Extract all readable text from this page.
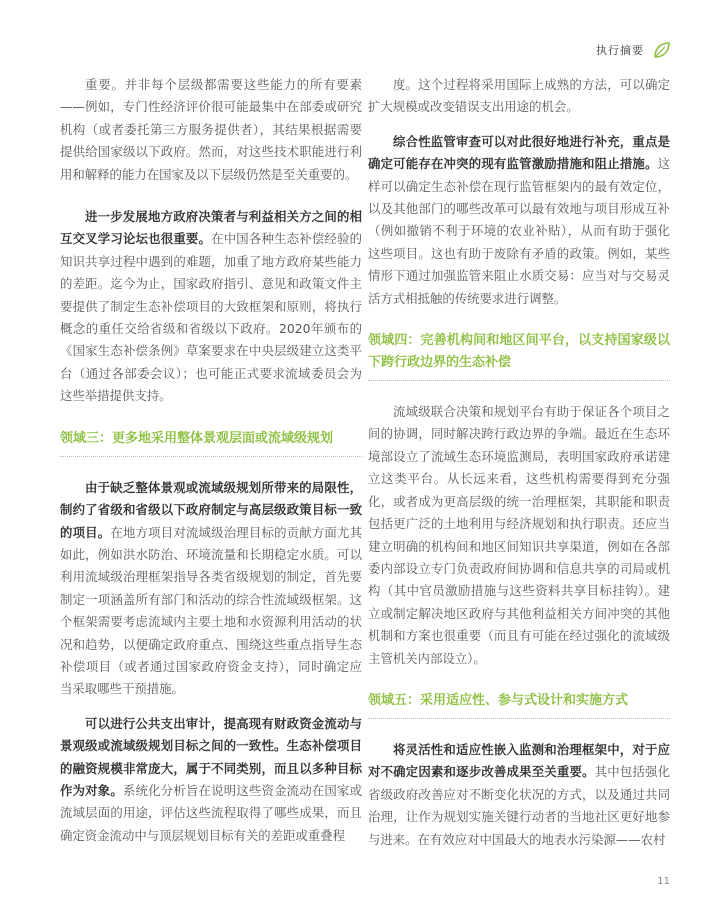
执行摘要

重要。并非每个层级都需要这些能力的所有要素——例如，专门性经济评价很可能最集中在部委或研究机构（或者委托第三方服务提供者），其结果根据需要提供给国家级以下政府。然而，对这些技术职能进行利用和解释的能力在国家及以下层级仍然是至关重要的。

进一步发展地方政府决策者与利益相关方之间的相互交叉学习论坛也很重要。在中国各种生态补偿经验的知识共享过程中遇到的难题，加重了地方政府某些能力的差距。迄今为止，国家政府指引、意见和政策文件主要提供了制定生态补偿项目的大致框架和原则，将执行概念的重任交给省级和省级以下政府。2020年颁布的《国家生态补偿条例》草案要求在中央层级建立这类平台（通过各部委会议）；也可能正式要求流域委员会为这些举措提供支持。

领域三：更多地采用整体景观层面或流域级规划

由于缺乏整体景观或流域级规划所带来的局限性，制约了省级和省级以下政府制定与高层级政策目标一致的项目。在地方项目对流域级治理目标的贡献方面尤其如此，例如洪水防治、环境流量和长期稳定水质。可以利用流域级治理框架指导各类省级规划的制定，首先要制定一项涵盖所有部门和活动的综合性流域级框架。这个框架需要考虑流域内主要土地和水资源利用活动的状况和趋势，以便确定政府重点、围绕这些重点指导生态补偿项目（或者通过国家政府资金支持），同时确定应当采取哪些干预措施。

可以进行公共支出审计，提高现有财政资金流动与景观级或流域级规划目标之间的一致性。生态补偿项目的融资规模非常庞大，属于不同类别，而且以多种目标作为对象。系统化分析旨在说明这些资金流动在国家或流域层面的用途，评估这些流程取得了哪些成果，而且确定资金流动中与顶层规划目标有关的差距或重叠程

度。这个过程将采用国际上成熟的方法，可以确定扩大规模或改变错误支出用途的机会。

综合性监管审查可以对此很好地进行补充，重点是确定可能存在冲突的现有监管激励措施和阻止措施。这样可以确定生态补偿在现行监管框架内的最有效定位，以及其他部门的哪些改革可以最有效地与项目形成互补（例如撤销不利于环境的农业补贴），从而有助于强化这些项目。这也有助于废除有矛盾的政策。例如，某些情形下通过加强监管来阻止水质交易：应当对与交易灵活方式相抵触的传统要求进行调整。

领域四：完善机构间和地区间平台，以支持国家级以下跨行政边界的生态补偿

流域级联合决策和规划平台有助于保证各个项目之间的协调，同时解决跨行政边界的争端。最近在生态环境部设立了流域生态环境监测局，表明国家政府承诺建立这类平台。从长远来看，这些机构需要得到充分强化，或者成为更高层级的统一治理框架，其职能和职责包括更广泛的土地利用与经济规划和执行职责。还应当建立明确的机构间和地区间知识共享渠道，例如在各部委内部设立专门负责政府间协调和信息共享的司局或机构（其中官员激励措施与这些资料共享目标挂钩）。建立或制定解决地区政府与其他利益相关方间冲突的其他机制和方案也很重要（而且有可能在经过强化的流域级主管机关内部设立）。

领域五：采用适应性、参与式设计和实施方式

将灵活性和适应性嵌入监测和治理框架中，对于应对不确定因素和逐步改善成果至关重要。其中包括强化省级政府改善应对不断变化状况的方式，以及通过共同治理，让作为规划实施关键行动者的当地社区更好地参与进来。在有效应对中国最大的地表水污染源——农村

11
